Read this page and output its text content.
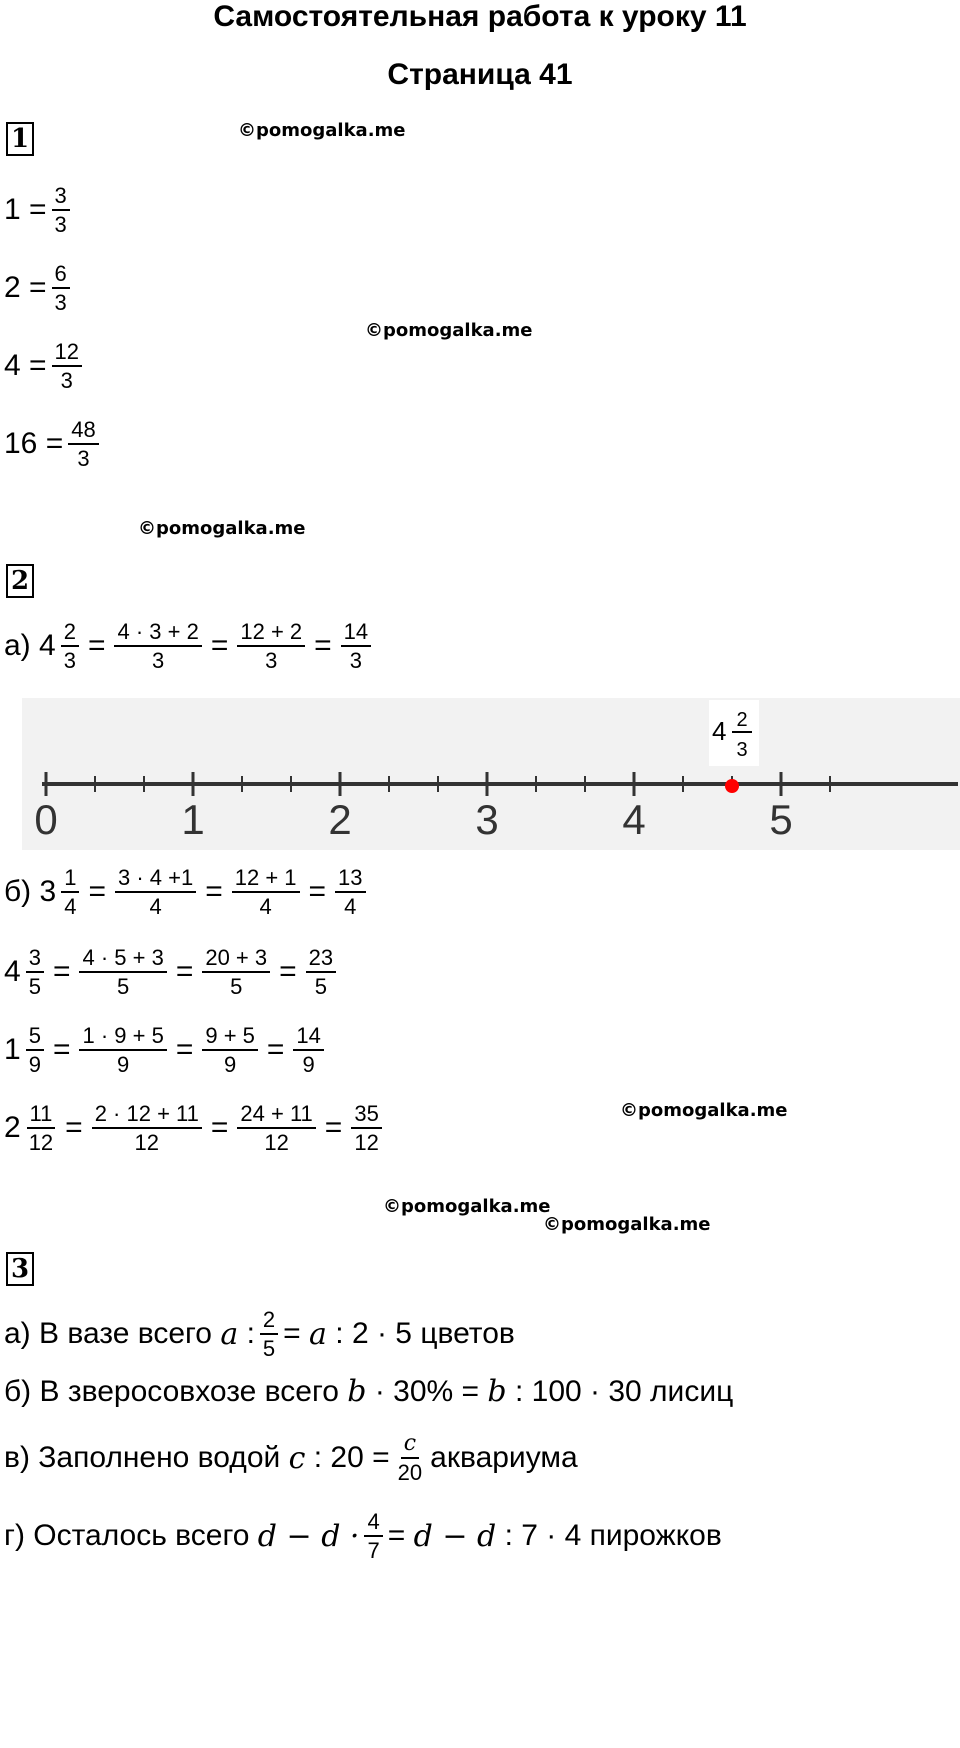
Самостоятельная работа к уроку 11
Страница 41
©pomogalka.me
©pomogalka.me
©pomogalka.me
©pomogalka.me
©pomogalka.me
©pomogalka.me
1
$1 = \frac{3}{3}$
$2 = \frac{6}{3}$
$4 = \frac{12}{3}$
$16 = \frac{48}{3}$
2
а) $4 \frac{2}{3} = \frac{4 \cdot 3 + 2}{3} = \frac{12 + 2}{3} = \frac{14}{3}$
4 2
3
0	1	2	3	4	5
б) $3 \frac{1}{4} = \frac{3 \cdot 4 +1}{4} = \frac{12 + 1}{4} = \frac{13}{4}$
$4 \frac{3}{5} = \frac{4 \cdot 5 + 3}{5} = \frac{20 + 3}{5} = \frac{23}{5}$
$1 \frac{5}{9} = \frac{1 \cdot 9 + 5}{9} = \frac{9 + 5}{9} = \frac{14}{9}$
$2 \frac{11}{12} = \frac{2 \cdot 12 + 11}{12} = \frac{24 + 11}{12} = \frac{35}{12}$
3
а) В вазе всего
a
: $\frac{2}{5}$ =
a
: 2 · 5 цветов
б) В зверосовхозе всего
b
· 30% =
b
: 100 · 30 лисиц
в) Заполнено водой
c
: $20 = \frac{c}{20}$ аквариума
г) Осталось всего
$d - d \cdot \frac{4}{7}$ =
d − d
: 7 · 4 пирожков
